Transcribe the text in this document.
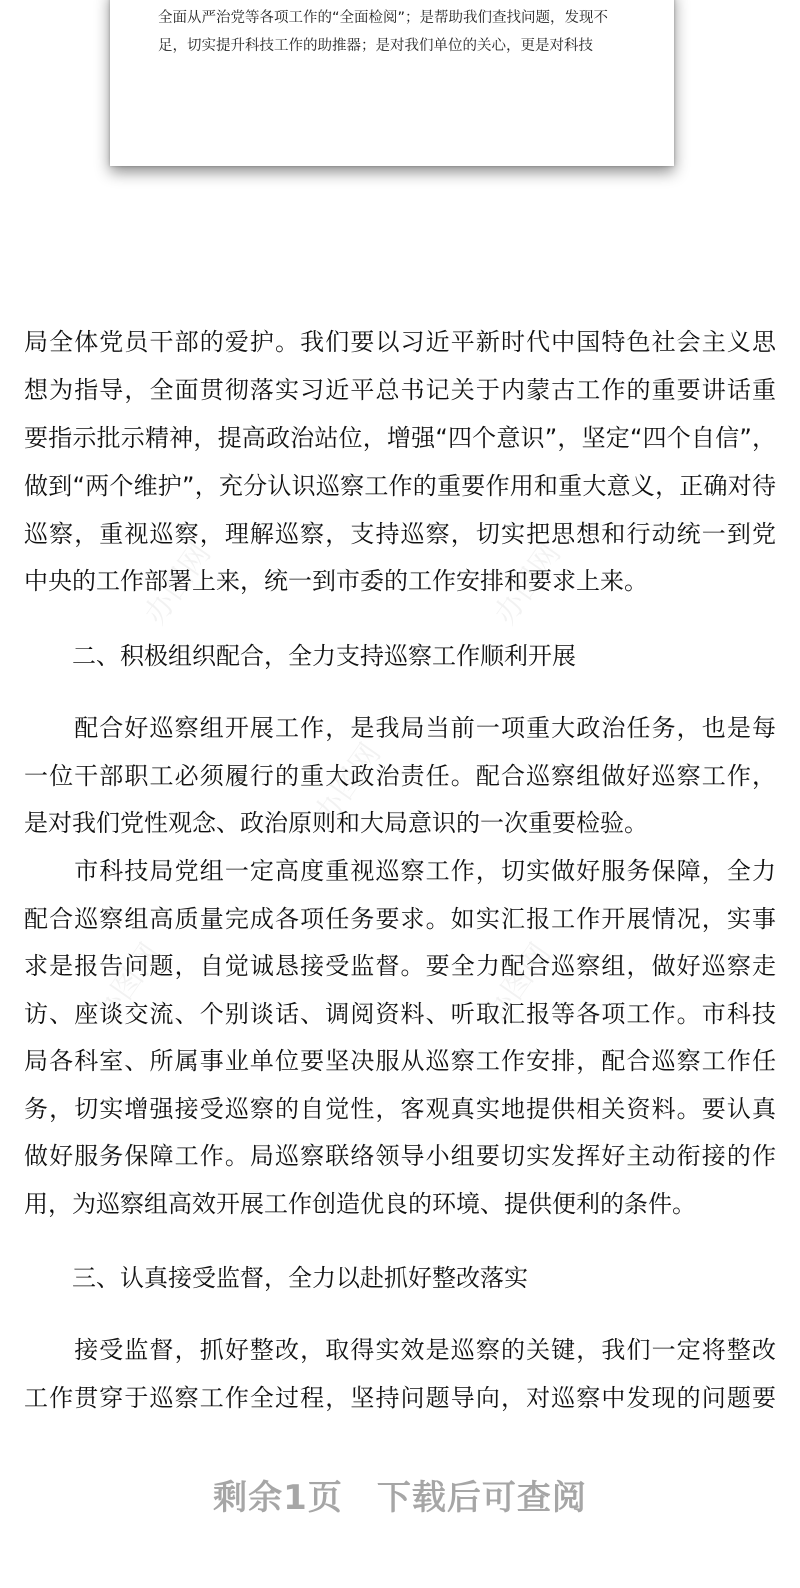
全面从严治党等各项工作的“全面检阅”；是帮助我们查找问题，发现不
足，切实提升科技工作的助推器；是对我们单位的关心，更是对科技
办图网	办图网
办图网
办图网	办图网
局全体党员干部的爱护。我们要以习近平新时代中国特色社会主义思
想为指导，全面贯彻落实习近平总书记关于内蒙古工作的重要讲话重
要指示批示精神，提高政治站位，增强“四个意识”，坚定“四个自信”，
做到“两个维护”，充分认识巡察工作的重要作用和重大意义，正确对待
巡察，重视巡察，理解巡察，支持巡察，切实把思想和行动统一到党
中央的工作部署上来，统一到市委的工作安排和要求上来。
　　二、积极组织配合，全力支持巡察工作顺利开展
　　配合好巡察组开展工作，是我局当前一项重大政治任务，也是每
一位干部职工必须履行的重大政治责任。配合巡察组做好巡察工作，
是对我们党性观念、政治原则和大局意识的一次重要检验。
　　市科技局党组一定高度重视巡察工作，切实做好服务保障，全力
配合巡察组高质量完成各项任务要求。如实汇报工作开展情况，实事
求是报告问题，自觉诚恳接受监督。要全力配合巡察组，做好巡察走
访、座谈交流、个别谈话、调阅资料、听取汇报等各项工作。市科技
局各科室、所属事业单位要坚决服从巡察工作安排，配合巡察工作任
务，切实增强接受巡察的自觉性，客观真实地提供相关资料。要认真
做好服务保障工作。局巡察联络领导小组要切实发挥好主动衔接的作
用，为巡察组高效开展工作创造优良的环境、提供便利的条件。
　　三、认真接受监督，全力以赴抓好整改落实
　　接受监督，抓好整改，取得实效是巡察的关键，我们一定将整改
工作贯穿于巡察工作全过程，坚持问题导向，对巡察中发现的问题要
剩余1页 下载后可查阅
